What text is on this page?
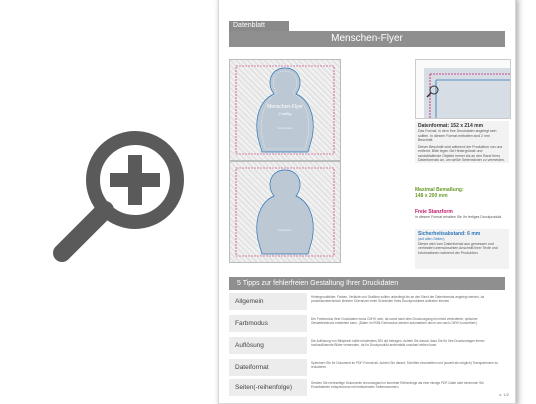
Datenblatt
Menschen-Flyer
Menschen-Flyer
2-seitig
Vorderseite
Rückseite
Datenformat: 152 x 214 mm
Das Format, in dem Ihre Druckdaten angelegt sein sollten. In diesem Format enthalten sind 2 mm Beschnitt.
Dieser Beschnitt wird während der Produktion von uns entfernt. Bitte legen Sie Hintergründe und randabfallende Objekte immer bis an den Rand Ihres Datenformats an, um weiße Seitenränder zu vermeiden.
Maximal Bemaßung:
148 x 200 mm
Freie Stanzform
In diesem Format erhalten Sie Ihr fertiges Druckprodukt.
Sicherheitsabstand: 6 mm
(auf allen Seiten)
Dieser wird vom Datenformat aus gemessen und verhindert unerwünschten Anschnitt Ihrer Texte und Informationen während der Produktion.
5 Tipps zur fehlerfreien Gestaltung Ihrer Druckdaten
Allgemein
Hintergrundbilder, Farben, Verläufe und Grafiken sollten unbedingt bis an den Rand der Datenformats angelegt werden, da produktionstechnisch kleinere Toleranzen beim Schneiden Ihres Druckproduktes auftreten können.
Farbmodus
Der Farbmodus Ihrer Druckdaten muss CMYK sein, da sonst nach dem Druckvorgang ein leicht veränderter, optischer Gesamteindruck entstehen kann. (Daten im RGB-Farbmodus werden automatisch durch uns nach CMYK konvertiert.)
Auflösung
Die Auflösung von Bildpixeln sollte mindestens 300 dpi betragen. Achten Sie darauf, dass Sie für Ihre Druckvorlagen immer hochauflösende Bilder verwenden, da Ihr Druckprodukt andernfalls unscharf wirken kann.
Dateiformat
Speichern Sie Ihr Dokument im PDF-Format ab. Achten Sie darauf, Schriften einzubetten und (soweit als möglich) Transparenzen zu reduzieren.
Seiten(-reihenfolge)
Senden Sie mehrseitige Dokumente chronologisch in korrekter Reihenfolge als eine einzige PDF-Datei oder benennen Sie Einzeldateien entsprechend mit fortlaufenden Seitennummern.
s. 1/2
